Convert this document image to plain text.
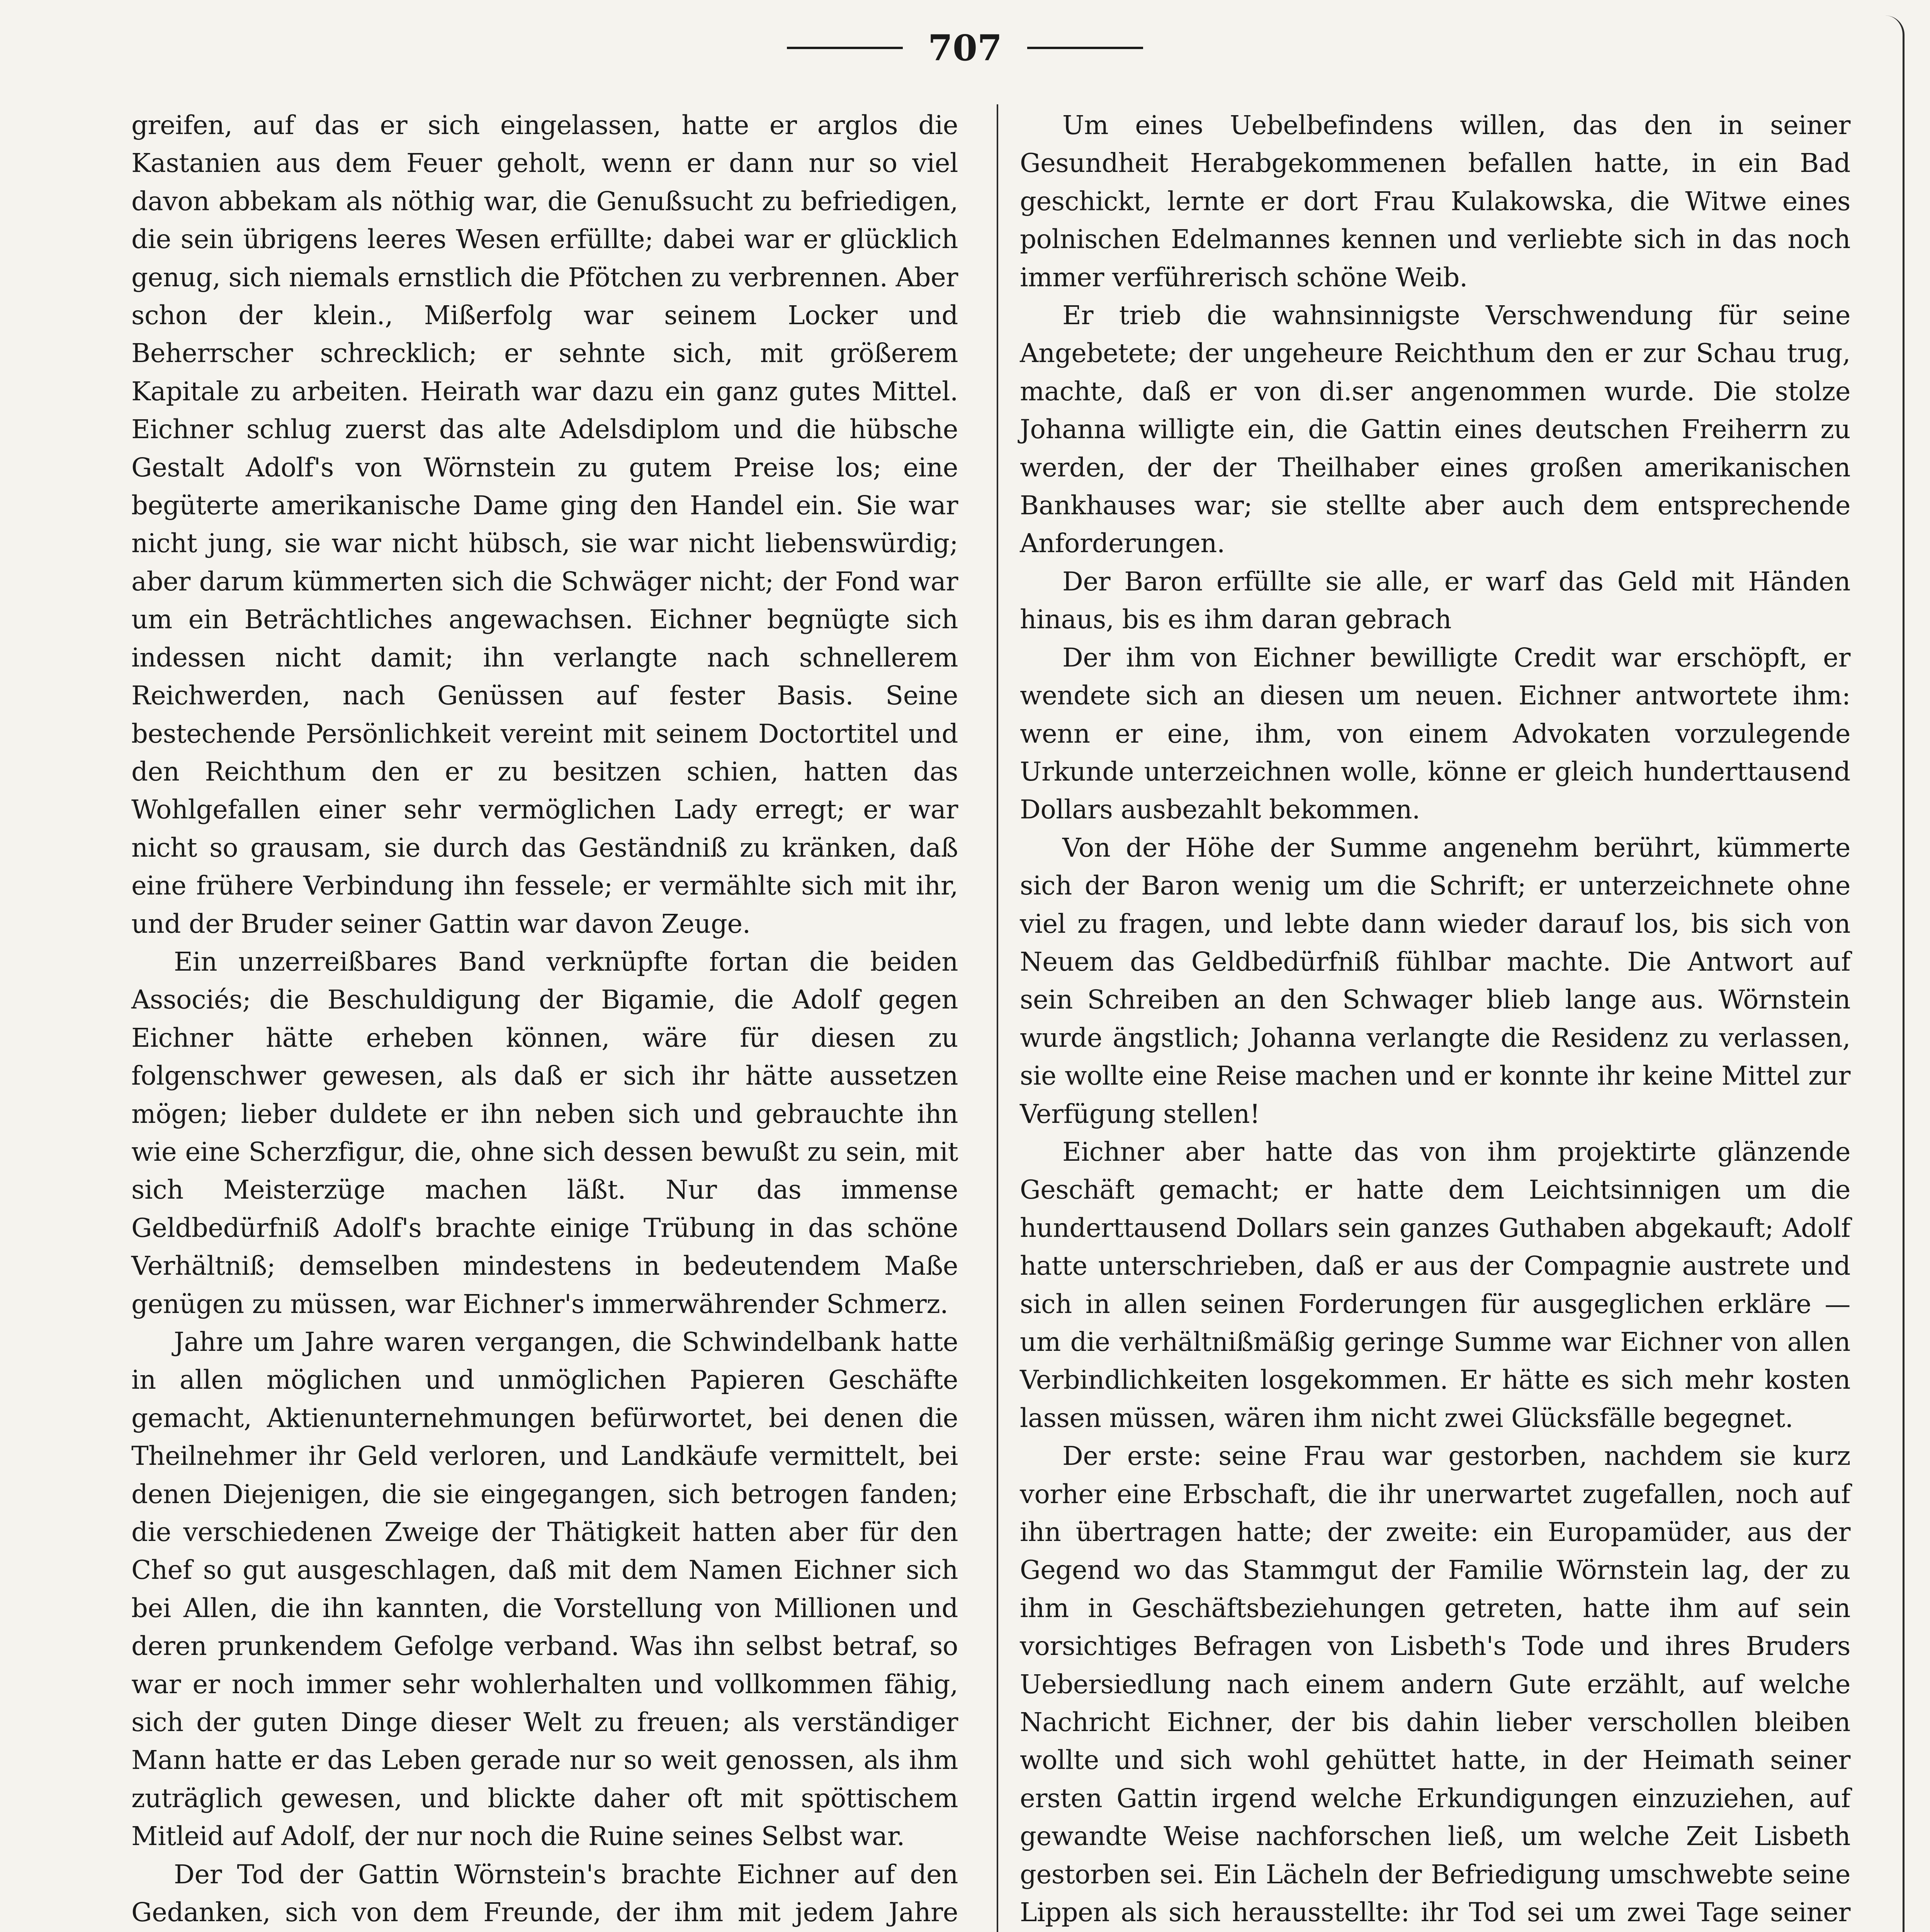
707

greifen, auf das er sich eingelassen, hatte er arglos die Kastanien aus dem Feuer geholt, wenn er dann nur so viel davon abbekam als nöthig war, die Genußsucht zu befriedigen, die sein übrigens leeres Wesen erfüllte; dabei war er glücklich genug, sich niemals ernstlich die Pfötchen zu verbrennen. Aber schon der klein., Mißerfolg war seinem Locker und Beherrscher schrecklich; er sehnte sich, mit größerem Kapitale zu arbeiten. Heirath war dazu ein ganz gutes Mittel. Eichner schlug zuerst das alte Adelsdiplom und die hübsche Gestalt Adolf's von Wörnstein zu gutem Preise los; eine begüterte amerikanische Dame ging den Handel ein. Sie war nicht jung, sie war nicht hübsch, sie war nicht liebenswürdig; aber darum kümmerten sich die Schwäger nicht; der Fond war um ein Beträchtliches angewachsen. Eichner begnügte sich indessen nicht damit; ihn verlangte nach schnellerem Reichwerden, nach Genüssen auf fester Basis. Seine bestechende Persönlichkeit vereint mit seinem Doctortitel und den Reichthum den er zu besitzen schien, hatten das Wohlgefallen einer sehr vermöglichen Lady erregt; er war nicht so grausam, sie durch das Geständniß zu kränken, daß eine frühere Verbindung ihn fessele; er vermählte sich mit ihr, und der Bruder seiner Gattin war davon Zeuge.

Ein unzerreißbares Band verknüpfte fortan die beiden Associés; die Beschuldigung der Bigamie, die Adolf gegen Eichner hätte erheben können, wäre für diesen zu folgenschwer gewesen, als daß er sich ihr hätte aussetzen mögen; lieber duldete er ihn neben sich und gebrauchte ihn wie eine Scherzfigur, die, ohne sich dessen bewußt zu sein, mit sich Meisterzüge machen läßt. Nur das immense Geldbedürfniß Adolf's brachte einige Trübung in das schöne Verhältniß; demselben mindestens in bedeutendem Maße genügen zu müssen, war Eichner's immerwährender Schmerz.

Jahre um Jahre waren vergangen, die Schwindelbank hatte in allen möglichen und unmöglichen Papieren Geschäfte gemacht, Aktienunternehmungen befürwortet, bei denen die Theilnehmer ihr Geld verloren, und Landkäufe vermittelt, bei denen Diejenigen, die sie eingegangen, sich betrogen fanden; die verschiedenen Zweige der Thätigkeit hatten aber für den Chef so gut ausgeschlagen, daß mit dem Namen Eichner sich bei Allen, die ihn kannten, die Vorstellung von Millionen und deren prunkendem Gefolge verband. Was ihn selbst betraf, so war er noch immer sehr wohlerhalten und vollkommen fähig, sich der guten Dinge dieser Welt zu freuen; als verständiger Mann hatte er das Leben gerade nur so weit genossen, als ihm zuträglich gewesen, und blickte daher oft mit spöttischem Mitleid auf Adolf, der nur noch die Ruine seines Selbst war.

Der Tod der Gattin Wörnstein's brachte Eichner auf den Gedanken, sich von dem Freunde, der ihm mit jedem Jahre

Um eines Uebelbefindens willen, das den in seiner Gesundheit Herabgekommenen befallen hatte, in ein Bad geschickt, lernte er dort Frau Kulakowska, die Witwe eines polnischen Edelmannes kennen und verliebte sich in das noch immer verführerisch schöne Weib.

Er trieb die wahnsinnigste Verschwendung für seine Angebetete; der ungeheure Reichthum den er zur Schau trug, machte, daß er von di.ser angenommen wurde. Die stolze Johanna willigte ein, die Gattin eines deutschen Freiherrn zu werden, der der Theilhaber eines großen amerikanischen Bankhauses war; sie stellte aber auch dem entsprechende Anforderungen.

Der Baron erfüllte sie alle, er warf das Geld mit Händen hinaus, bis es ihm daran gebrach

Der ihm von Eichner bewilligte Credit war erschöpft, er wendete sich an diesen um neuen. Eichner antwortete ihm: wenn er eine, ihm, von einem Advokaten vorzulegende Urkunde unterzeichnen wolle, könne er gleich hunderttausend Dollars ausbezahlt bekommen.

Von der Höhe der Summe angenehm berührt, kümmerte sich der Baron wenig um die Schrift; er unterzeichnete ohne viel zu fragen, und lebte dann wieder darauf los, bis sich von Neuem das Geldbedürfniß fühlbar machte. Die Antwort auf sein Schreiben an den Schwager blieb lange aus. Wörnstein wurde ängstlich; Johanna verlangte die Residenz zu verlassen, sie wollte eine Reise machen und er konnte ihr keine Mittel zur Verfügung stellen!

Eichner aber hatte das von ihm projektirte glänzende Geschäft gemacht; er hatte dem Leichtsinnigen um die hunderttausend Dollars sein ganzes Guthaben abgekauft; Adolf hatte unterschrieben, daß er aus der Compagnie austrete und sich in allen seinen Forderungen für ausgeglichen erkläre — um die verhältnißmäßig geringe Summe war Eichner von allen Verbindlichkeiten losgekommen. Er hätte es sich mehr kosten lassen müssen, wären ihm nicht zwei Glücksfälle begegnet.

Der erste: seine Frau war gestorben, nachdem sie kurz vorher eine Erbschaft, die ihr unerwartet zugefallen, noch auf ihn übertragen hatte; der zweite: ein Europamüder, aus der Gegend wo das Stammgut der Familie Wörnstein lag, der zu ihm in Geschäftsbeziehungen getreten, hatte ihm auf sein vorsichtiges Befragen von Lisbeth's Tode und ihres Bruders Uebersiedlung nach einem andern Gute erzählt, auf welche Nachricht Eichner, der bis dahin lieber verschollen bleiben wollte und sich wohl gehüttet hatte, in der Heimath seiner ersten Gattin irgend welche Erkundigungen einzuziehen, auf gewandte Weise nachforschen ließ, um welche Zeit Lisbeth gestorben sei. Ein Lächeln der Befriedigung umschwebte seine Lippen als sich herausstellte: ihr Tod sei um zwei Tage seiner
